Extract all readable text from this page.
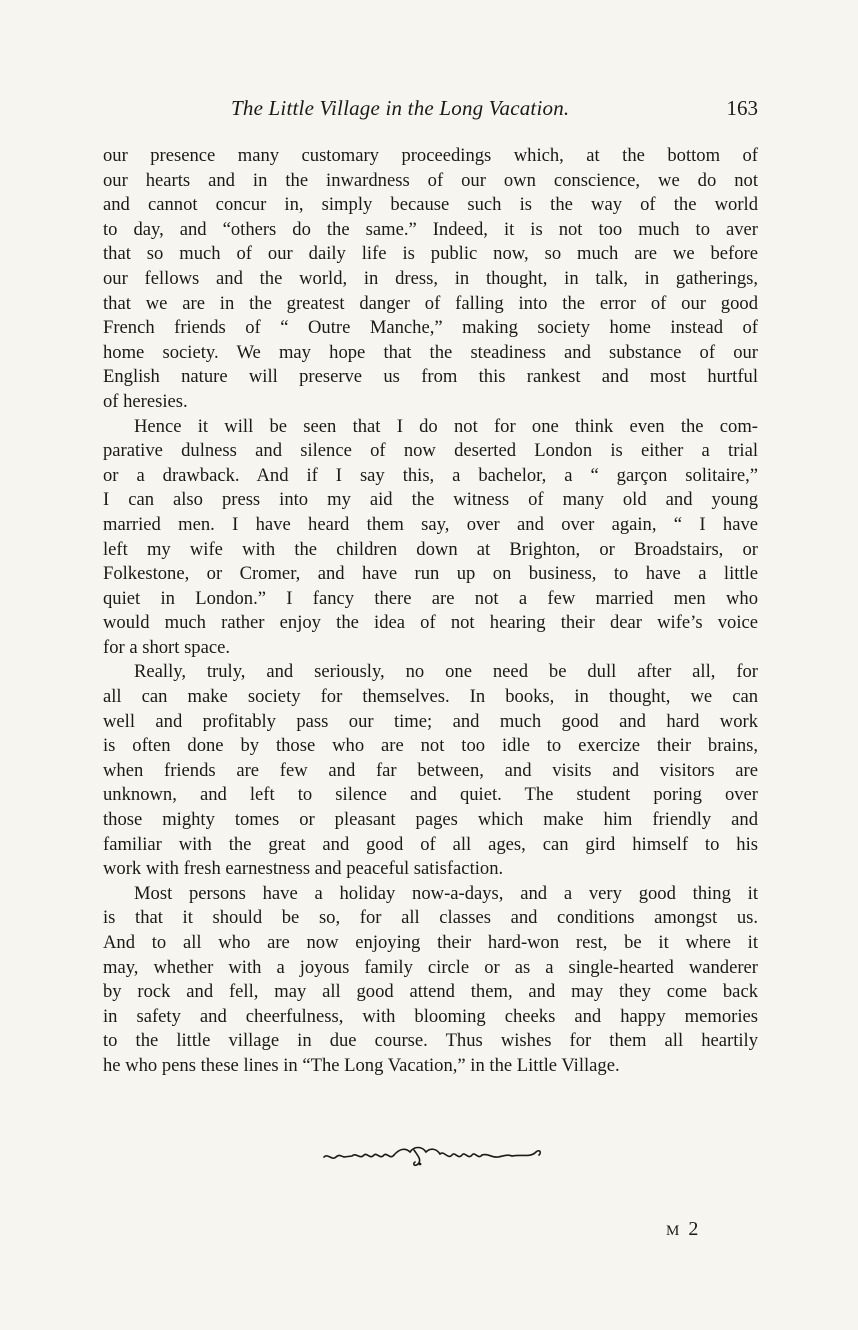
The Little Village in the Long Vacation.	163

our presence many customary proceedings which, at the bottom of

our hearts and in the inwardness of our own conscience, we do not

and cannot concur in, simply because such is the way of the world

to day, and “others do the same.” Indeed, it is not too much to aver

that so much of our daily life is public now, so much are we before

our fellows and the world, in dress, in thought, in talk, in gatherings,

that we are in the greatest danger of falling into the error of our good

French friends of “ Outre Manche,” making society home instead of

home society. We may hope that the steadiness and substance of our

English nature will preserve us from this rankest and most hurtful

of heresies.

Hence it will be seen that I do not for one think even the com-

parative dulness and silence of now deserted London is either a trial

or a drawback. And if I say this, a bachelor, a “ garçon solitaire,”

I can also press into my aid the witness of many old and young

married men. I have heard them say, over and over again, “ I have

left my wife with the children down at Brighton, or Broadstairs, or

Folkestone, or Cromer, and have run up on business, to have a little

quiet in London.” I fancy there are not a few married men who

would much rather enjoy the idea of not hearing their dear wife’s voice

for a short space.

Really, truly, and seriously, no one need be dull after all, for

all can make society for themselves. In books, in thought, we can

well and profitably pass our time; and much good and hard work

is often done by those who are not too idle to exercize their brains,

when friends are few and far between, and visits and visitors are

unknown, and left to silence and quiet. The student poring over

those mighty tomes or pleasant pages which make him friendly and

familiar with the great and good of all ages, can gird himself to his

work with fresh earnestness and peaceful satisfaction.

Most persons have a holiday now-a-days, and a very good thing it

is that it should be so, for all classes and conditions amongst us.

And to all who are now enjoying their hard-won rest, be it where it

may, whether with a joyous family circle or as a single-hearted wanderer

by rock and fell, may all good attend them, and may they come back

in safety and cheerfulness, with blooming cheeks and happy memories

to the little village in due course. Thus wishes for them all heartily

he who pens these lines in “The Long Vacation,” in the Little Village.

M 2
